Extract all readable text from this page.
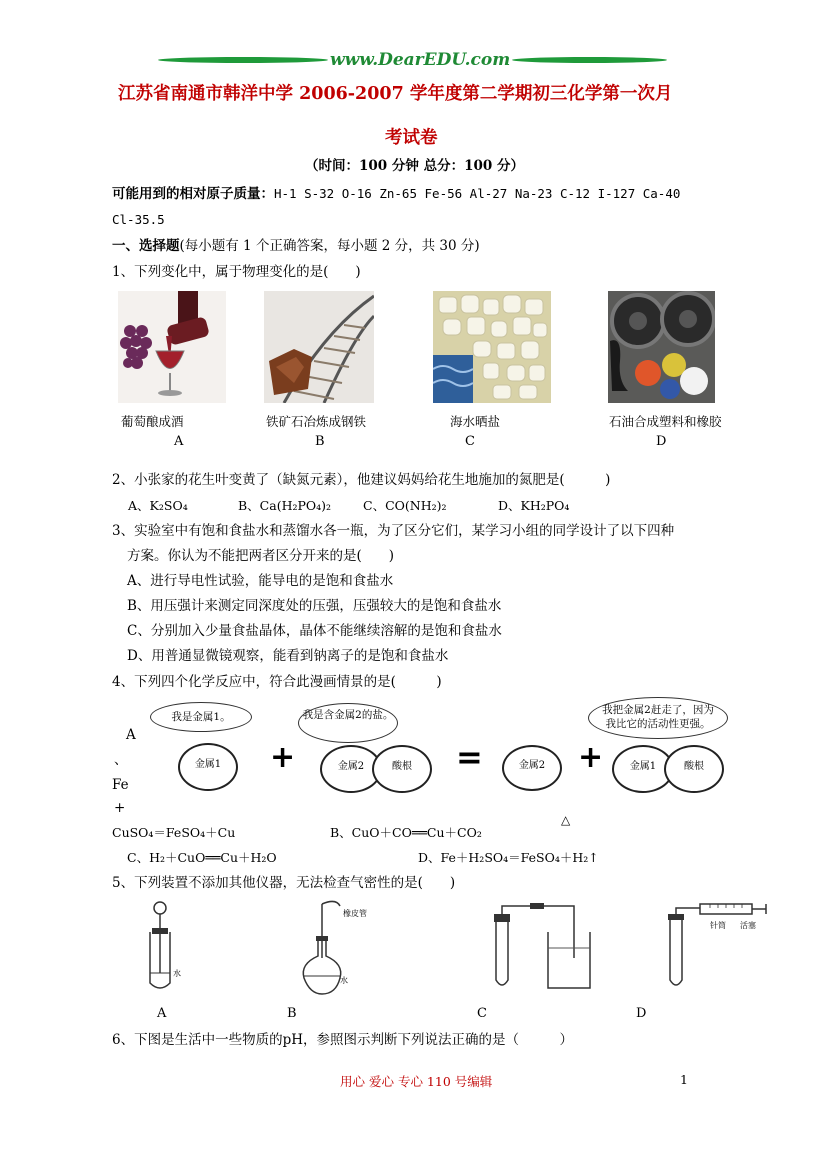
www.DearEDU.com
江苏省南通市韩洋中学 2006-2007 学年度第二学期初三化学第一次月
考试卷
（时间：100 分钟 总分：100 分）
可能用到的相对原子质量：H-1 S-32 O-16 Zn-65 Fe-56 Al-27 Na-23 C-12 I-127 Ca-40
Cl-35.5
一、选择题(每小题有 1 个正确答案，每小题 2 分，共 30 分)
1、下列变化中，属于物理变化的是(　　)
葡萄酿成酒	铁矿石冶炼成钢铁	海水晒盐	石油合成塑料和橡胶
A	B	C	D
2、小张家的花生叶变黄了（缺氮元素），他建议妈妈给花生地施加的氮肥是(　　　)
A、K₂SO₄	B、Ca(H₂PO₄)₂	C、CO(NH₂)₂	D、KH₂PO₄
3、实验室中有饱和食盐水和蒸馏水各一瓶，为了区分它们，某学习小组的同学设计了以下四种
方案。你认为不能把两者区分开来的是(　　)
A、进行导电性试验，能导电的是饱和食盐水
B、用压强计来测定同深度处的压强，压强较大的是饱和食盐水
C、分别加入少量食盐晶体，晶体不能继续溶解的是饱和食盐水
D、用普通显微镜观察，能看到钠离子的是饱和食盐水
4、下列四个化学反应中，符合此漫画情景的是(　　　)
我是金属1。	我是含金属2的盐。	我把金属2赶走了，因为我比它的活动性更强。
金属1	+	金属2	酸根	=	金属2	+	金属1	酸根
A
、
Fe
+
CuSO₄＝FeSO₄＋Cu	B、CuO＋CO══Cu＋CO₂
△
C、H₂＋CuO══Cu＋H₂O	D、Fe＋H₂SO₄＝FeSO₄＋H₂↑
5、下列装置不添加其他仪器，无法检查气密性的是(　　)
水
橡皮管
水
针筒 活塞
A	B	C	D
6、下图是生活中一些物质的pH，参照图示判断下列说法正确的是（　　　）
用心 爱心 专心 110 号编辑	1
